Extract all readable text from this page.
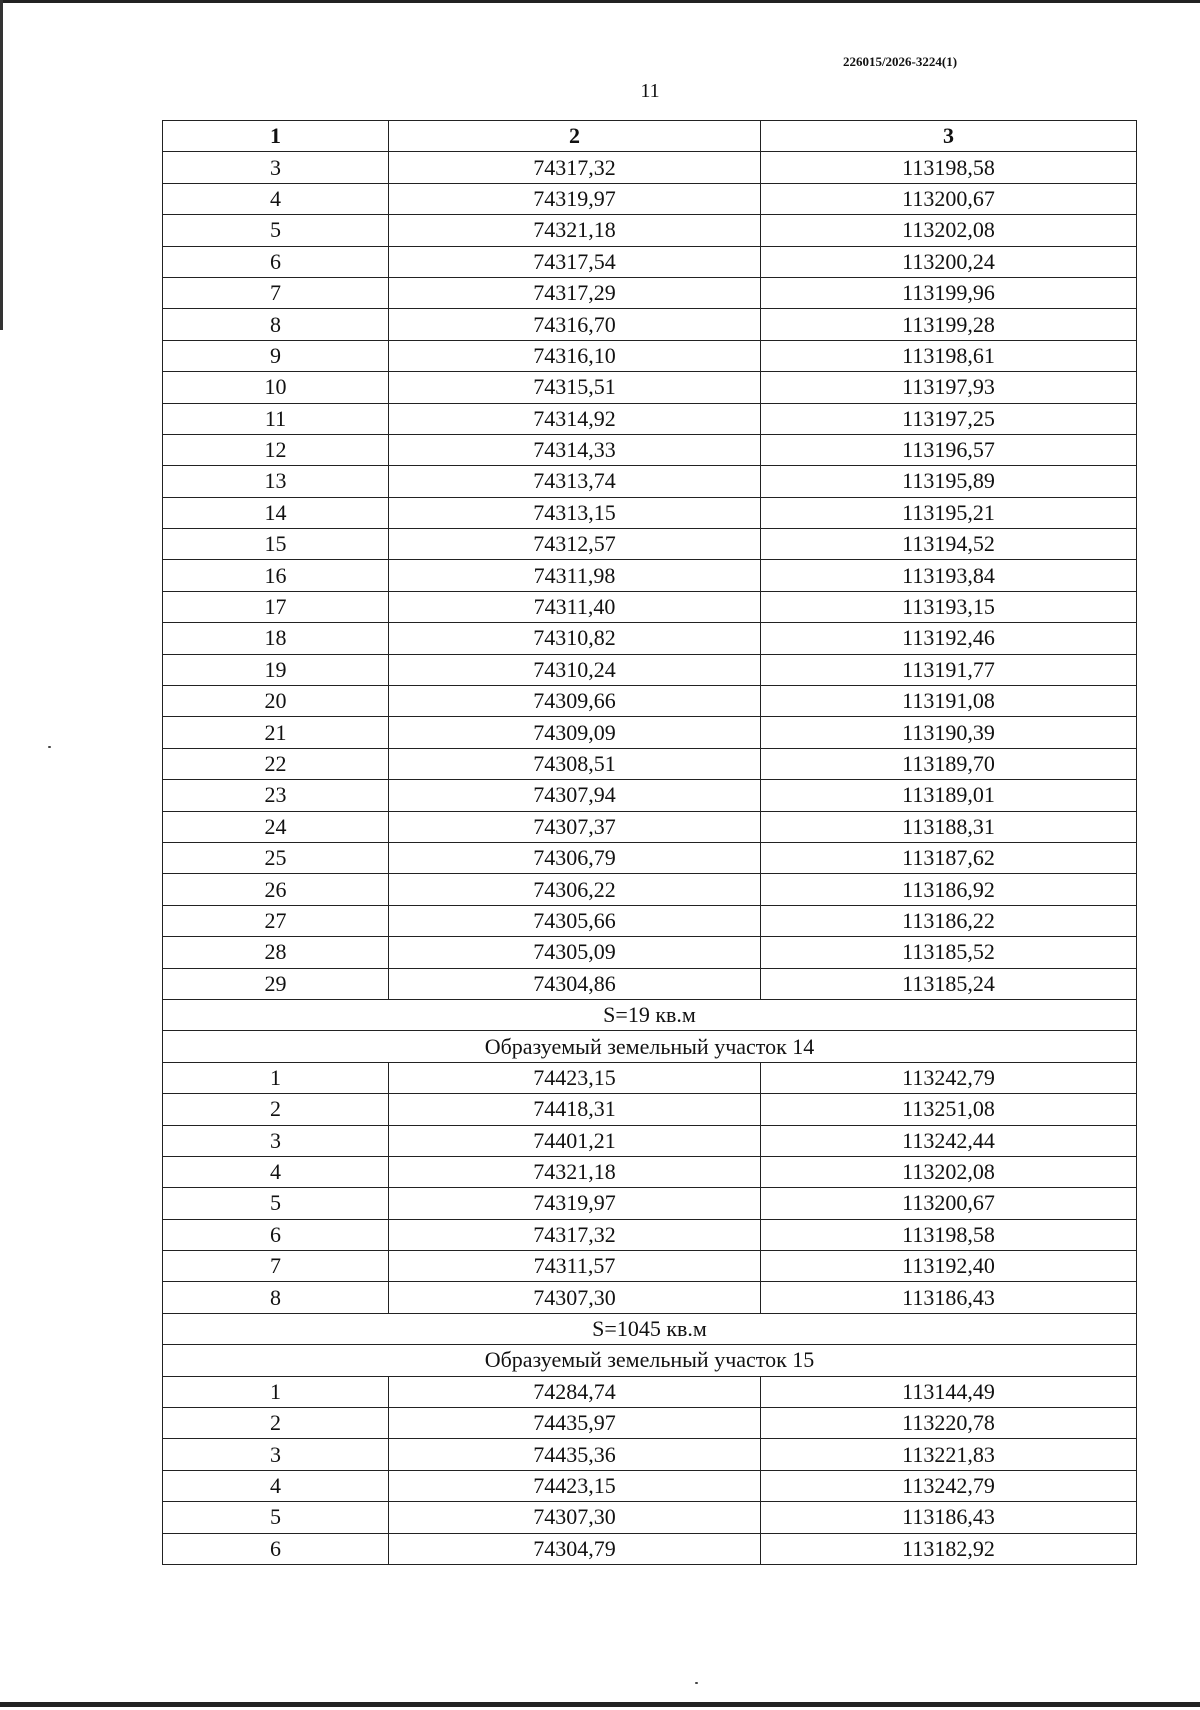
226015/2026-3224(1)
11
1	2	3
3	74317,32	113198,58
4	74319,97	113200,67
5	74321,18	113202,08
6	74317,54	113200,24
7	74317,29	113199,96
8	74316,70	113199,28
9	74316,10	113198,61
10	74315,51	113197,93
11	74314,92	113197,25
12	74314,33	113196,57
13	74313,74	113195,89
14	74313,15	113195,21
15	74312,57	113194,52
16	74311,98	113193,84
17	74311,40	113193,15
18	74310,82	113192,46
19	74310,24	113191,77
20	74309,66	113191,08
21	74309,09	113190,39
22	74308,51	113189,70
23	74307,94	113189,01
24	74307,37	113188,31
25	74306,79	113187,62
26	74306,22	113186,92
27	74305,66	113186,22
28	74305,09	113185,52
29	74304,86	113185,24
S=19 кв.м		
Образуемый земельный участок 14		
1	74423,15	113242,79
2	74418,31	113251,08
3	74401,21	113242,44
4	74321,18	113202,08
5	74319,97	113200,67
6	74317,32	113198,58
7	74311,57	113192,40
8	74307,30	113186,43
S=1045 кв.м		
Образуемый земельный участок 15		
1	74284,74	113144,49
2	74435,97	113220,78
3	74435,36	113221,83
4	74423,15	113242,79
5	74307,30	113186,43
6	74304,79	113182,92
